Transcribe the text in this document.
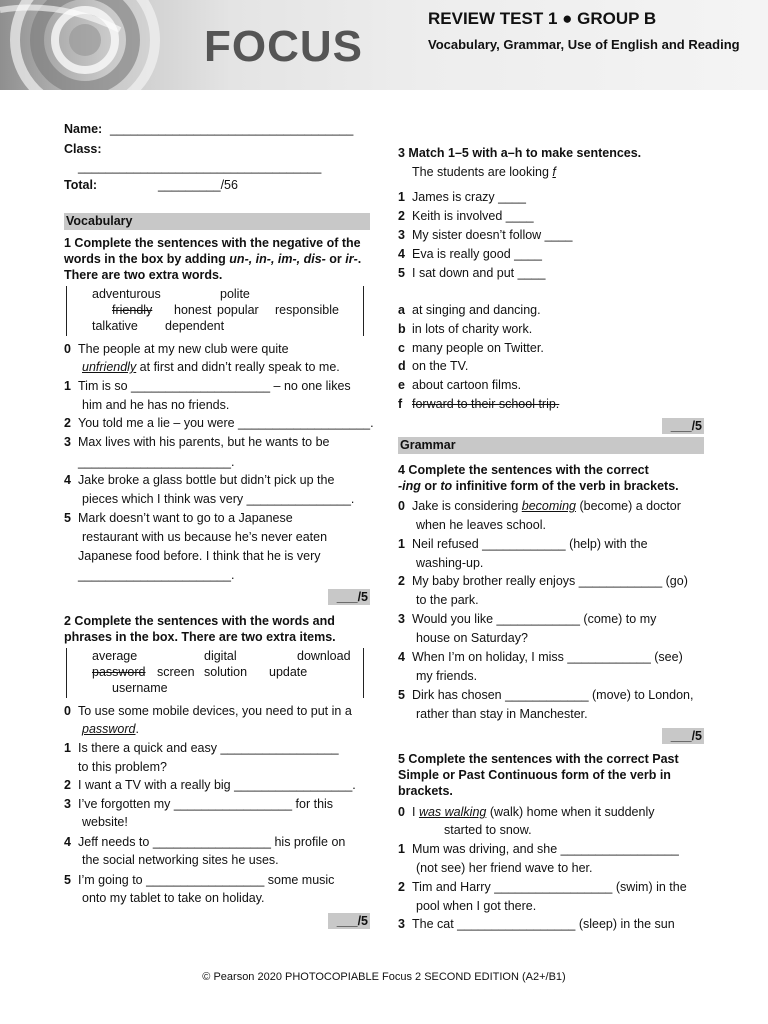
FOCUS
REVIEW TEST 1 ● GROUP B
Vocabulary, Grammar, Use of English and Reading
Name: ___________________________________
Class:
___________________________________
Total:	_________/56
Vocabulary
1 Complete the sentences with the negative of the
words in the box by adding un-, in-, im-, dis- or ir-.
There are two extra words.
adventurous	polite
friendly honest popular responsible
talkative dependent
0 The people at my new club were quite
unfriendly at first and didn’t really speak to me.
1 Tim is so ____________________ – no one likes
him and he has no friends.
2 You told me a lie – you were ___________________.
3 Max lives with his parents, but he wants to be
______________________.
4 Jake broke a glass bottle but didn’t pick up the
pieces which I think was very _______________.
5 Mark doesn’t want to go to a Japanese
restaurant with us because he’s never eaten
Japanese food before. I think that he is very
______________________.
___/5
2 Complete the sentences with the words and
phrases in the box. There are two extra items.
average	digital	download
password screen solution update
username
0 To use some mobile devices, you need to put in a
password.
1 Is there a quick and easy _________________
to this problem?
2 I want a TV with a really big _________________.
3 I’ve forgotten my _________________ for this
website!
4 Jeff needs to _________________ his profile on
the social networking sites he uses.
5 I’m going to _________________ some music
onto my tablet to take on holiday.
___/5
3 Match 1–5 with a–h to make sentences.
The students are looking f
1 James is crazy ____
2 Keith is involved ____
3 My sister doesn’t follow ____
4 Eva is really good ____
5 I sat down and put ____
a at singing and dancing.
b in lots of charity work.
c many people on Twitter.
d on the TV.
e about cartoon films.
f forward to their school trip.
___/5
Grammar
4 Complete the sentences with the correct
-ing or to infinitive form of the verb in brackets.
0 Jake is considering becoming (become) a doctor
when he leaves school.
1 Neil refused ____________ (help) with the
washing-up.
2 My baby brother really enjoys ____________ (go)
to the park.
3 Would you like ____________ (come) to my
house on Saturday?
4 When I’m on holiday, I miss ____________ (see)
my friends.
5 Dirk has chosen ____________ (move) to London,
rather than stay in Manchester.
___/5
5 Complete the sentences with the correct Past
Simple or Past Continuous form of the verb in
brackets.
0 I was walking (walk) home when it suddenly
started to snow.
1 Mum was driving, and she _________________
(not see) her friend wave to her.
2 Tim and Harry _________________ (swim) in the
pool when I got there.
3 The cat _________________ (sleep) in the sun
© Pearson 2020 PHOTOCOPIABLE Focus 2 SECOND EDITION (A2+/B1)
